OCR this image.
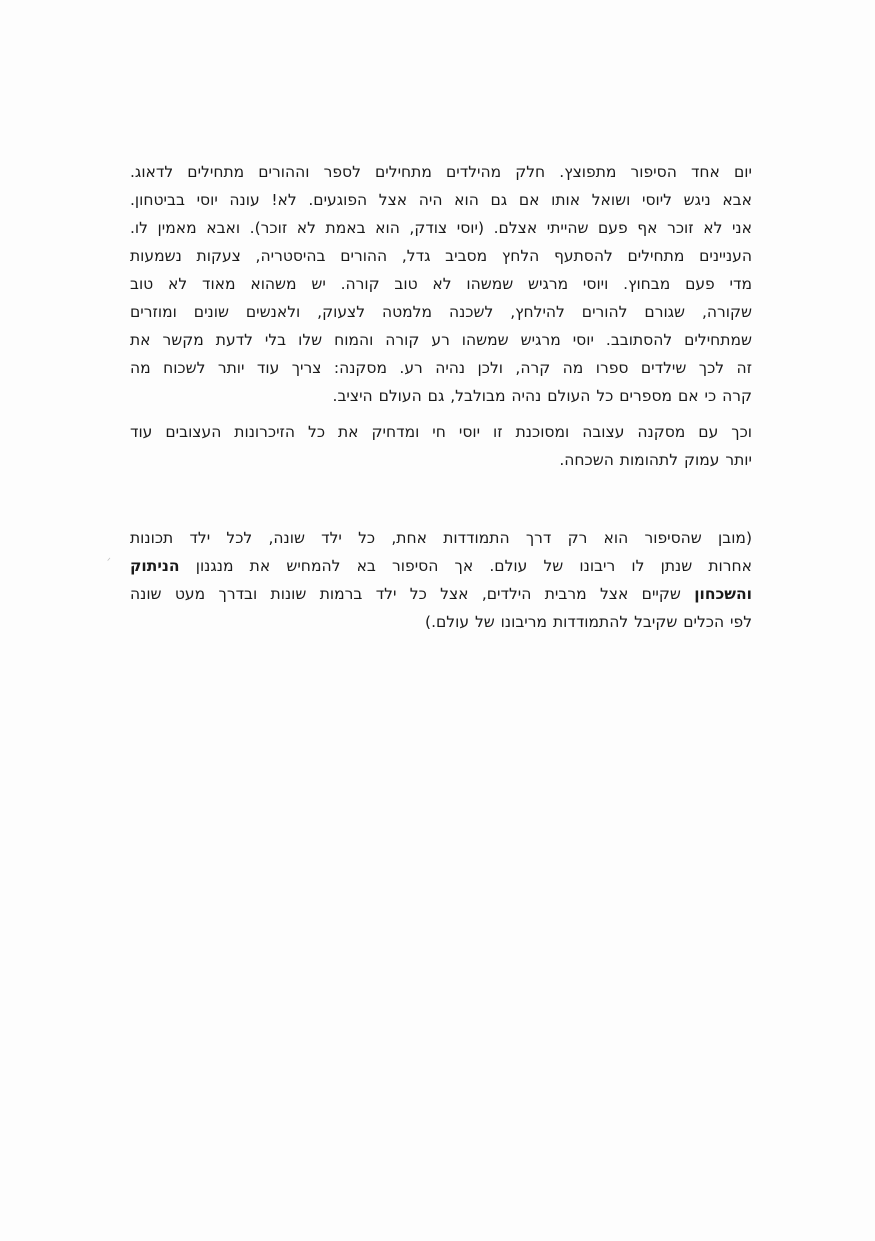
יום אחד הסיפור מתפוצץ. חלק מהילדים מתחילים לספר וההורים מתחילים לדאוג.
אבא ניגש ליוסי ושואל אותו אם גם הוא היה אצל הפוגעים. לא! עונה יוסי בביטחון.
אני לא זוכר אף פעם שהייתי אצלם. (יוסי צודק, הוא באמת לא זוכר). ואבא מאמין לו.
העניינים מתחילים להסתעף הלחץ מסביב גדל, ההורים בהיסטריה, צעקות נשמעות
מדי פעם מבחוץ. ויוסי מרגיש שמשהו לא טוב קורה. יש משהוא מאוד לא טוב
שקורה, שגורם להורים להילחץ, לשכנה מלמטה לצעוק, ולאנשים שונים ומוזרים
שמתחילים להסתובב. יוסי מרגיש שמשהו רע קורה והמוח שלו בלי לדעת מקשר את
זה לכך שילדים ספרו מה קרה, ולכן נהיה רע. מסקנה: צריך עוד יותר לשכוח מה
קרה כי אם מספרים כל העולם נהיה מבולבל, גם העולם היציב.
וכך עם מסקנה עצובה ומסוכנת זו יוסי חי ומדחיק את כל הזיכרונות העצובים עוד
יותר עמוק לתהומות השכחה.
(מובן שהסיפור הוא רק דרך התמודדות אחת, כל ילד שונה, לכל ילד תכונות
אחרות שנתן לו ריבונו של עולם. אך הסיפור בא להמחיש את מנגנון הניתוק
והשכחון שקיים אצל מרבית הילדים, אצל כל ילד ברמות שונות ובדרך מעט שונה
לפי הכלים שקיבל להתמודדות מריבונו של עולם.)
ᐟ
